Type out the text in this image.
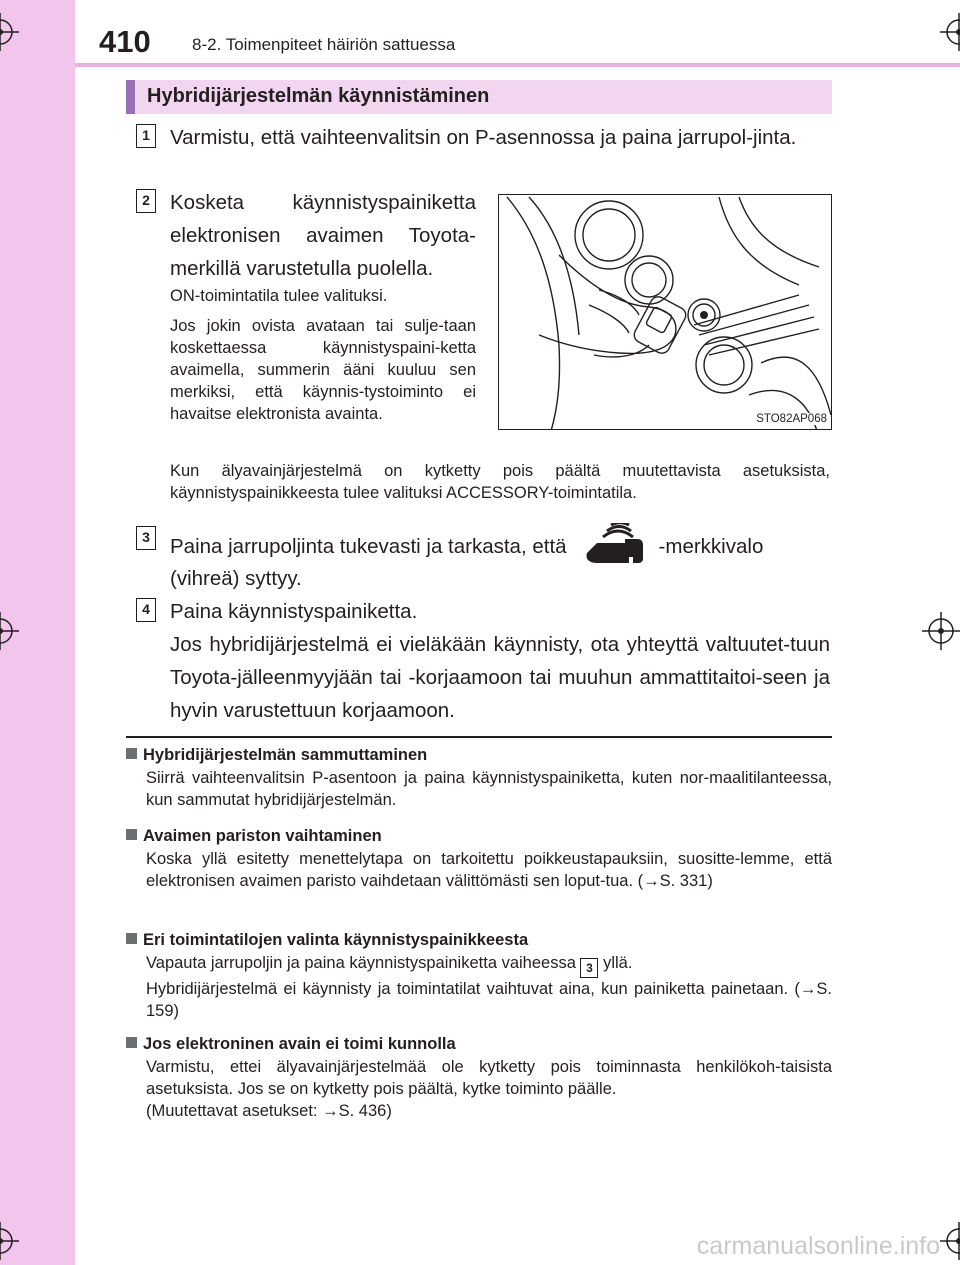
410 8-2. Toimenpiteet häiriön sattuessa
Hybridijärjestelmän käynnistäminen
1 Varmistu, että vaihteenvalitsin on P-asennossa ja paina jarrupol-jinta.
2 Kosketa käynnistyspainiketta elektronisen avaimen Toyota-merkillä varustetulla puolella.
ON-toimintatila tulee valituksi.
Jos jokin ovista avataan tai sulje-taan koskettaessa käynnistyspaini-ketta avaimella, summerin ääni kuuluu sen merkiksi, että käynnis-tystoiminto ei havaitse elektronista avainta.	STO82AP068
Kun älyavainjärjestelmä on kytketty pois päältä muutettavista asetuksista, käynnistyspainikkeesta tulee valituksi ACCESSORY-toimintatila.
3 Paina jarrupoljinta tukevasti ja tarkasta, että	-merkkivalo
(vihreä) syttyy.
4 Paina käynnistyspainiketta.
Jos hybridijärjestelmä ei vieläkään käynnisty, ota yhteyttä valtuutet-tuun Toyota-jälleenmyyjään tai -korjaamoon tai muuhun ammattitaitoi-seen ja hyvin varustettuun korjaamoon.
Hybridijärjestelmän sammuttaminen
Siirrä vaihteenvalitsin P-asentoon ja paina käynnistyspainiketta, kuten nor-maalitilanteessa, kun sammutat hybridijärjestelmän.
Avaimen pariston vaihtaminen
Koska yllä esitetty menettelytapa on tarkoitettu poikkeustapauksiin, suositte-lemme, että elektronisen avaimen paristo vaihdetaan välittömästi sen loput-tua. (→S. 331)
Eri toimintatilojen valinta käynnistyspainikkeesta
Vapauta jarrupoljin ja paina käynnistyspainiketta vaiheessa 3 yllä.
Hybridijärjestelmä ei käynnisty ja toimintatilat vaihtuvat aina, kun painiketta painetaan. (→S. 159)
Jos elektroninen avain ei toimi kunnolla
Varmistu, ettei älyavainjärjestelmää ole kytketty pois toiminnasta henkilökoh-taisista asetuksista. Jos se on kytketty pois päältä, kytke toiminto päälle.
(Muutettavat asetukset: →S. 436)
carmanualsonline.info
